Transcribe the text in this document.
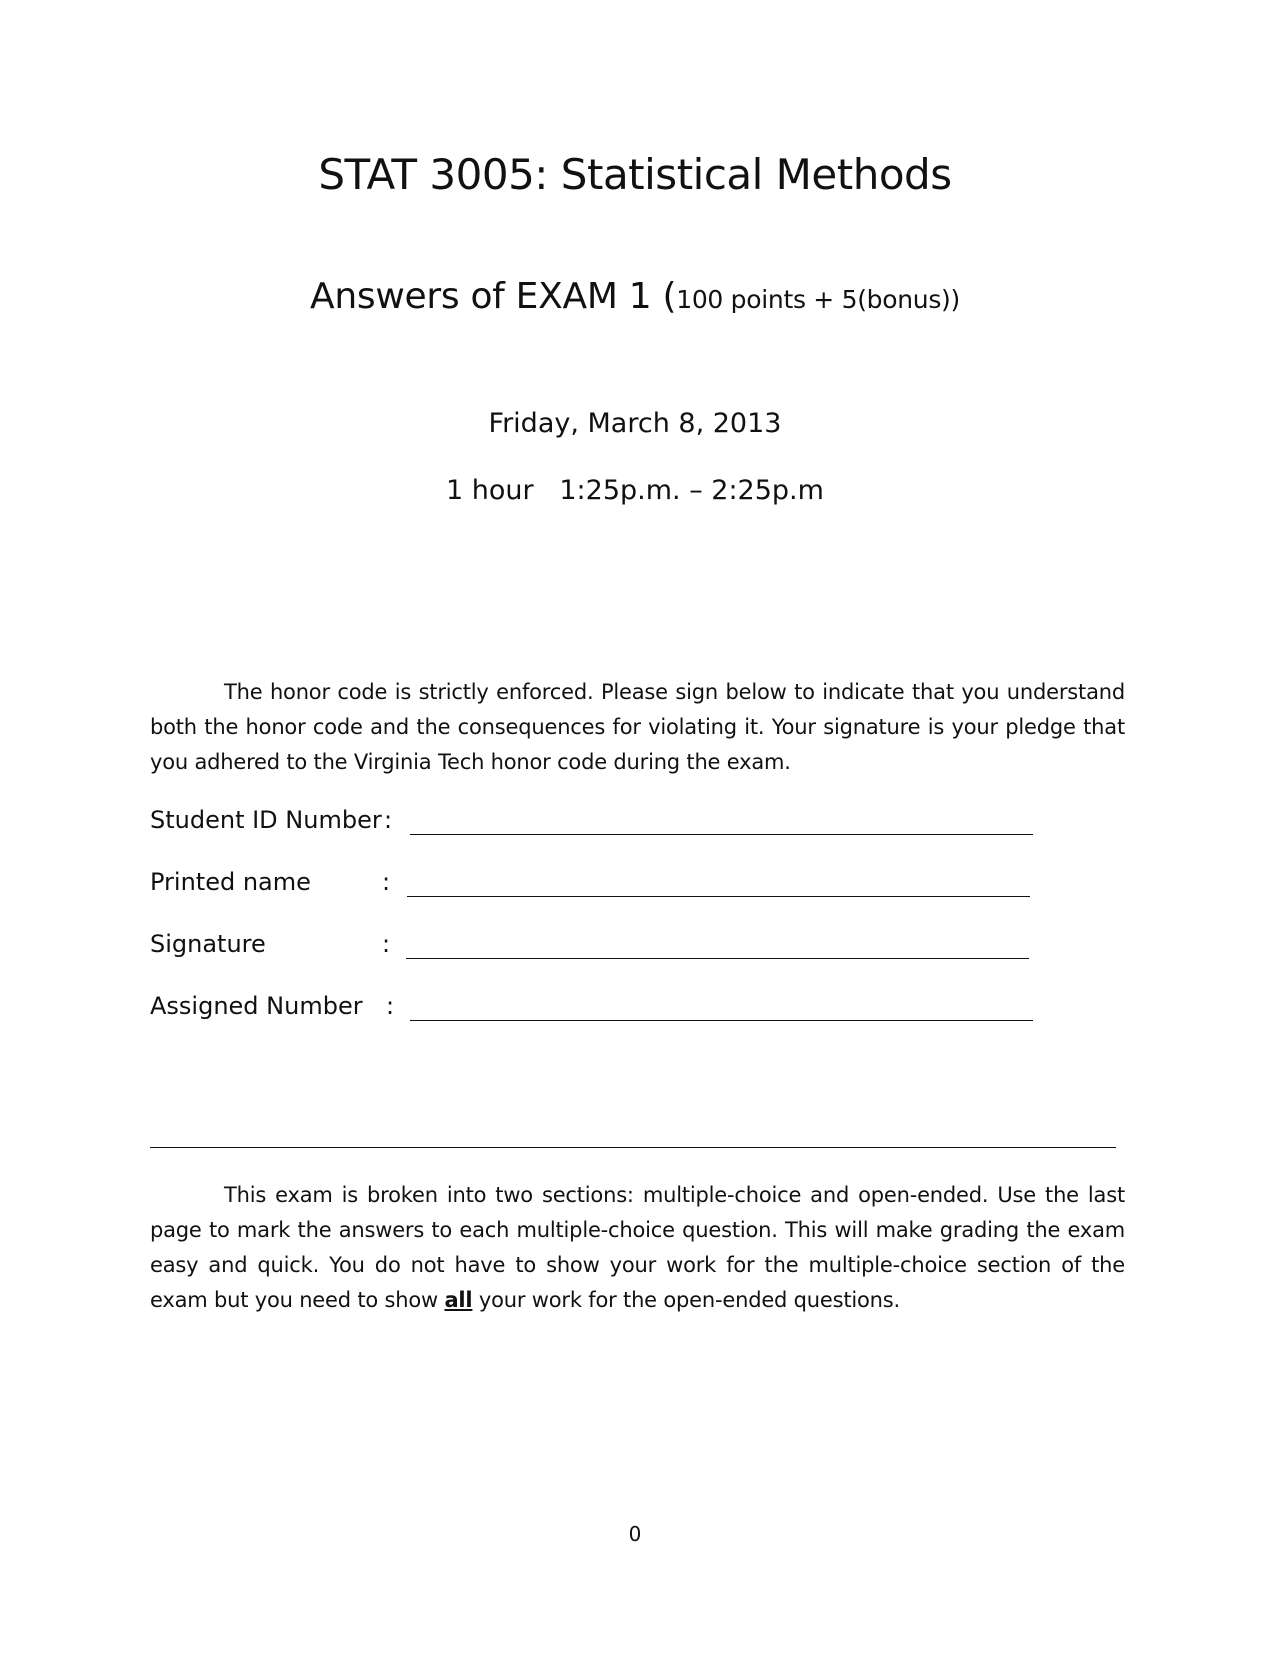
STAT 3005: Statistical Methods
Answers of EXAM 1 (100 points + 5(bonus))
Friday, March 8, 2013
1 hour   1:25p.m. – 2:25p.m
The honor code is strictly enforced. Please sign below to indicate that you understand both the honor code and the consequences for violating it. Your signature is your pledge that you adhered to the Virginia Tech honor code during the exam.
Student ID Number :
Printed name	:
Signature	:
Assigned Number :
This exam is broken into two sections: multiple-choice and open-ended. Use the last page to mark the answers to each multiple-choice question. This will make grading the exam easy and quick. You do not have to show your work for the multiple-choice section of the exam but you need to show all your work for the open-ended questions.
0
